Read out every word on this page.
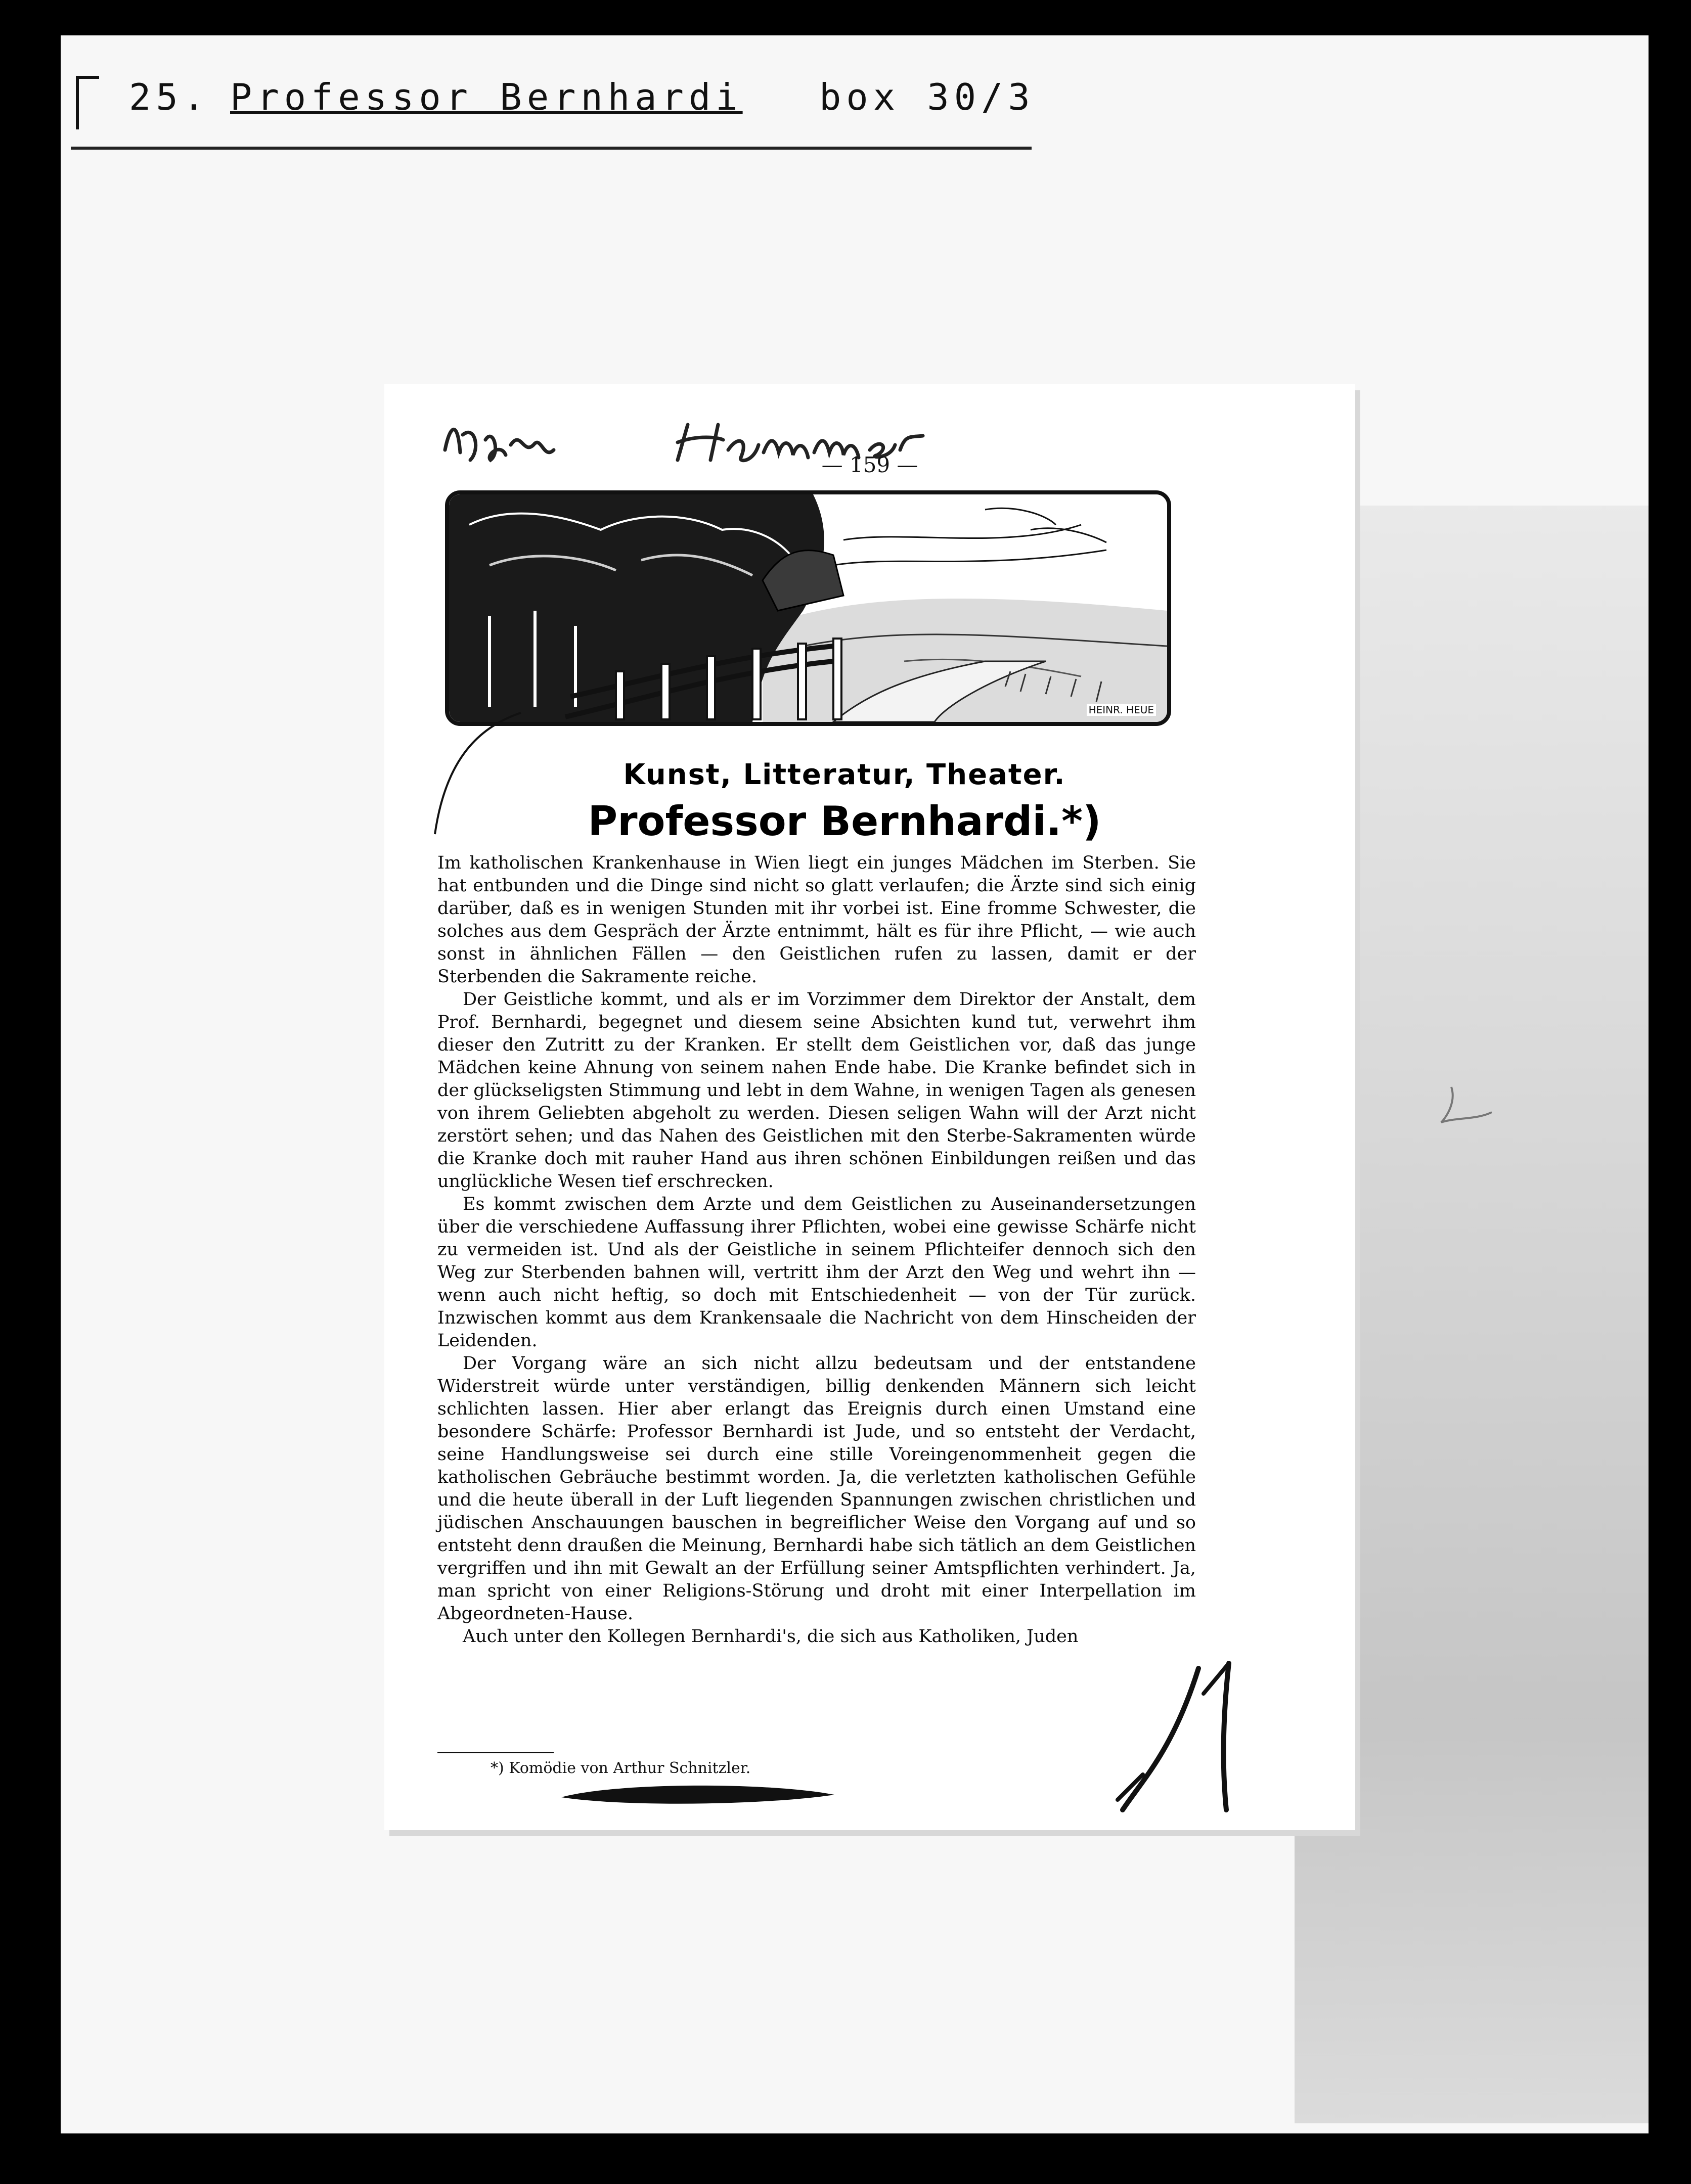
25. Professor Bernhardi box 30/3
— 159 —
HEINR. HEUE
Kunst, Litteratur, Theater.
Professor Bernhardi.*)

Im katholischen Krankenhause in Wien liegt ein junges Mädchen im Sterben. Sie hat entbunden und die Dinge sind nicht so glatt verlaufen; die Ärzte sind sich einig darüber, daß es in wenigen Stunden mit ihr vorbei ist. Eine fromme Schwester, die solches aus dem Gespräch der Ärzte entnimmt, hält es für ihre Pflicht, — wie auch sonst in ähnlichen Fällen — den Geistlichen rufen zu lassen, damit er der Sterbenden die Sakramente reiche.

Der Geistliche kommt, und als er im Vorzimmer dem Direktor der Anstalt, dem Prof. Bernhardi, begegnet und diesem seine Absichten kund tut, verwehrt ihm dieser den Zutritt zu der Kranken. Er stellt dem Geistlichen vor, daß das junge Mädchen keine Ahnung von seinem nahen Ende habe. Die Kranke befindet sich in der glückseligsten Stimmung und lebt in dem Wahne, in wenigen Tagen als genesen von ihrem Geliebten abgeholt zu werden. Diesen seligen Wahn will der Arzt nicht zerstört sehen; und das Nahen des Geistlichen mit den Sterbe-Sakramenten würde die Kranke doch mit rauher Hand aus ihren schönen Einbildungen reißen und das unglückliche Wesen tief erschrecken.

Es kommt zwischen dem Arzte und dem Geistlichen zu Auseinandersetzungen über die verschiedene Auffassung ihrer Pflichten, wobei eine gewisse Schärfe nicht zu vermeiden ist. Und als der Geistliche in seinem Pflichteifer dennoch sich den Weg zur Sterbenden bahnen will, vertritt ihm der Arzt den Weg und wehrt ihn — wenn auch nicht heftig, so doch mit Entschiedenheit — von der Tür zurück. Inzwischen kommt aus dem Krankensaale die Nachricht von dem Hinscheiden der Leidenden.

Der Vorgang wäre an sich nicht allzu bedeutsam und der entstandene Widerstreit würde unter verständigen, billig denkenden Männern sich leicht schlichten lassen. Hier aber erlangt das Ereignis durch einen Umstand eine besondere Schärfe: Professor Bernhardi ist Jude, und so entsteht der Verdacht, seine Handlungsweise sei durch eine stille Voreingenommenheit gegen die katholischen Gebräuche bestimmt worden. Ja, die verletzten katholischen Gefühle und die heute überall in der Luft liegenden Spannungen zwischen christlichen und jüdischen Anschauungen bauschen in begreiflicher Weise den Vorgang auf und so entsteht denn draußen die Meinung, Bernhardi habe sich tätlich an dem Geistlichen vergriffen und ihn mit Gewalt an der Erfüllung seiner Amtspflichten verhindert. Ja, man spricht von einer Religions-Störung und droht mit einer Interpellation im Abgeordneten-Hause.

Auch unter den Kollegen Bernhardi's, die sich aus Katholiken, Juden

*) Komödie von Arthur Schnitzler.
